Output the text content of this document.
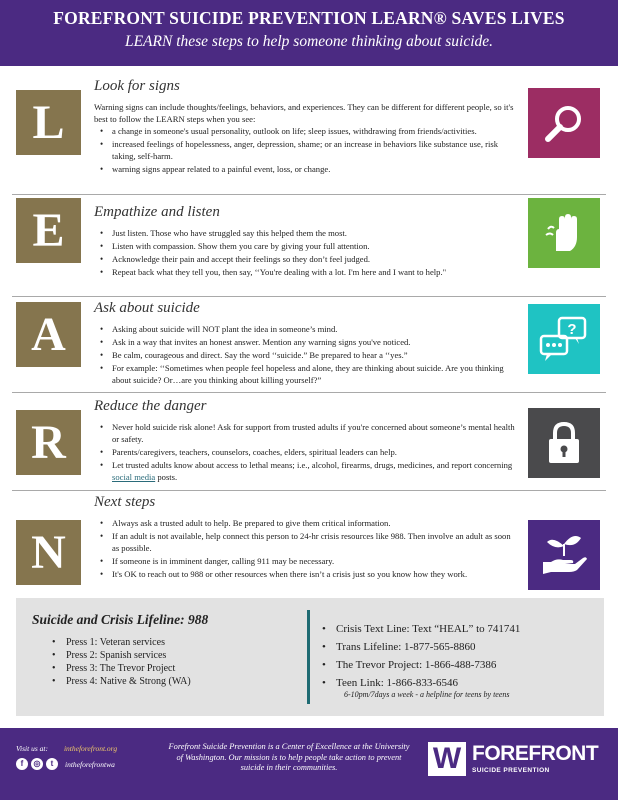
FOREFRONT SUICIDE PREVENTION LEARN® SAVES LIVES
LEARN these steps to help someone thinking about suicide.
L
Look for signs

Warning signs can include thoughts/feelings, behaviors, and experiences. They can be different for different people, so it's best to follow the LEARN steps when you see:

• a change in someone's usual personality, outlook on life; sleep issues, withdrawing from friends/activities.
• increased feelings of hopelessness, anger, depression, shame; or an increase in behaviors like substance use, risk taking, self-harm.
• warning signs appear related to a painful event, loss, or change.
E	Empathize and listen
• Just listen. Those who have struggled say this helped them the most.
• Listen with compassion. Show them you care by giving your full attention.
• Acknowledge their pain and accept their feelings so they don’t feel judged.
• Repeat back what they tell you, then say, ‘‘You're dealing with a lot. I'm here and I want to help."
A	Ask about suicide
• Asking about suicide will NOT plant the idea in someone’s mind.
• Ask in a way that invites an honest answer. Mention any warning signs you've noticed.
• Be calm, courageous and direct. Say the word ‘‘suicide.” Be prepared to hear a ‘‘yes.”
• For example: ‘‘Sometimes when people feel hopeless and alone, they are thinking about suicide. Are you thinking about suicide? Or…are you thinking about killing yourself?”
?
R
Reduce the danger
• Never hold suicide risk alone! Ask for support from trusted adults if you're concerned about someone’s mental health or safety.
• Parents/caregivers, teachers, counselors, coaches, elders, spiritual leaders can help.
• Let trusted adults know about access to lethal means; i.e., alcohol, firearms, drugs, medicines, and report concerning social media posts.
N
Next steps
• Always ask a trusted adult to help. Be prepared to give them critical information.
• If an adult is not available, help connect this person to 24-hr crisis resources like 988. Then involve an adult as soon as possible.
• If someone is in imminent danger, calling 911 may be necessary.
• It's OK to reach out to 988 or other resources when there isn’t a crisis just so you know how they work.
Suicide and Crisis Lifeline: 988
• Press 1: Veteran services
• Press 2: Spanish services
• Press 3: The Trevor Project
• Press 4: Native & Strong (WA)
• Crisis Text Line: Text “HEAL” to 741741
• Trans Lifeline: 1-877-565-8860
• The Trevor Project: 1-866-488-7386
• Teen Link: 1-866-833-6546
6-10pm/7days a week - a helpline for teens by teens
Visit us at: intheforefront.org
f	◎	t	intheforefrontwa
Forefront Suicide Prevention is a Center of Excellence at the University of Washington. Our mission is to help people take action to prevent suicide in their communities.	W FOREFRONT
SUICIDE PREVENTION
